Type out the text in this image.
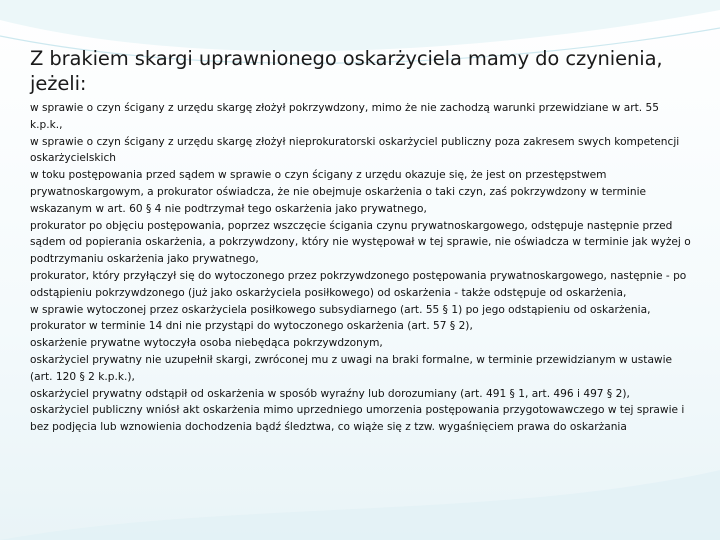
Z brakiem skargi uprawnionego oskarżyciela mamy do czynienia, jeżeli:
w sprawie o czyn ścigany z urzędu skargę złożył pokrzywdzony, mimo że nie zachodzą warunki przewidziane w art. 55 k.p.k.,
w sprawie o czyn ścigany z urzędu skargę złożył nieprokuratorski oskarżyciel publiczny poza zakresem swych kompetencji oskarżycielskich
w toku postępowania przed sądem w sprawie o czyn ścigany z urzędu okazuje się, że jest on przestępstwem prywatnoskargowym, a prokurator oświadcza, że nie obejmuje oskarżenia o taki czyn, zaś pokrzywdzony w terminie wskazanym w art. 60 § 4 nie podtrzymał tego oskarżenia jako prywatnego,
prokurator po objęciu postępowania, poprzez wszczęcie ścigania czynu prywatnoskargowego, odstępuje następnie przed sądem od popierania oskarżenia, a pokrzywdzony, który nie występował w tej sprawie, nie oświadcza w terminie jak wyżej o podtrzymaniu oskarżenia jako prywatnego,
prokurator, który przyłączył się do wytoczonego przez pokrzywdzonego postępowania prywatnoskargowego, następnie - po odstąpieniu pokrzywdzonego (już jako oskarżyciela posiłkowego) od oskarżenia - także odstępuje od oskarżenia,
w sprawie wytoczonej przez oskarżyciela posiłkowego subsydiarnego (art. 55 § 1) po jego odstąpieniu od oskarżenia, prokurator w terminie 14 dni nie przystąpi do wytoczonego oskarżenia (art. 57 § 2),
oskarżenie prywatne wytoczyła osoba niebędąca pokrzywdzonym,
oskarżyciel prywatny nie uzupełnił skargi, zwróconej mu z uwagi na braki formalne, w terminie przewidzianym w ustawie (art. 120 § 2 k.p.k.),
oskarżyciel prywatny odstąpił od oskarżenia w sposób wyraźny lub dorozumiany (art. 491 § 1, art. 496 i 497 § 2),
oskarżyciel publiczny wniósł akt oskarżenia mimo uprzedniego umorzenia postępowania przygotowawczego w tej sprawie i bez podjęcia lub wznowienia dochodzenia bądź śledztwa, co wiąże się z tzw. wygaśnięciem prawa do oskarżania
